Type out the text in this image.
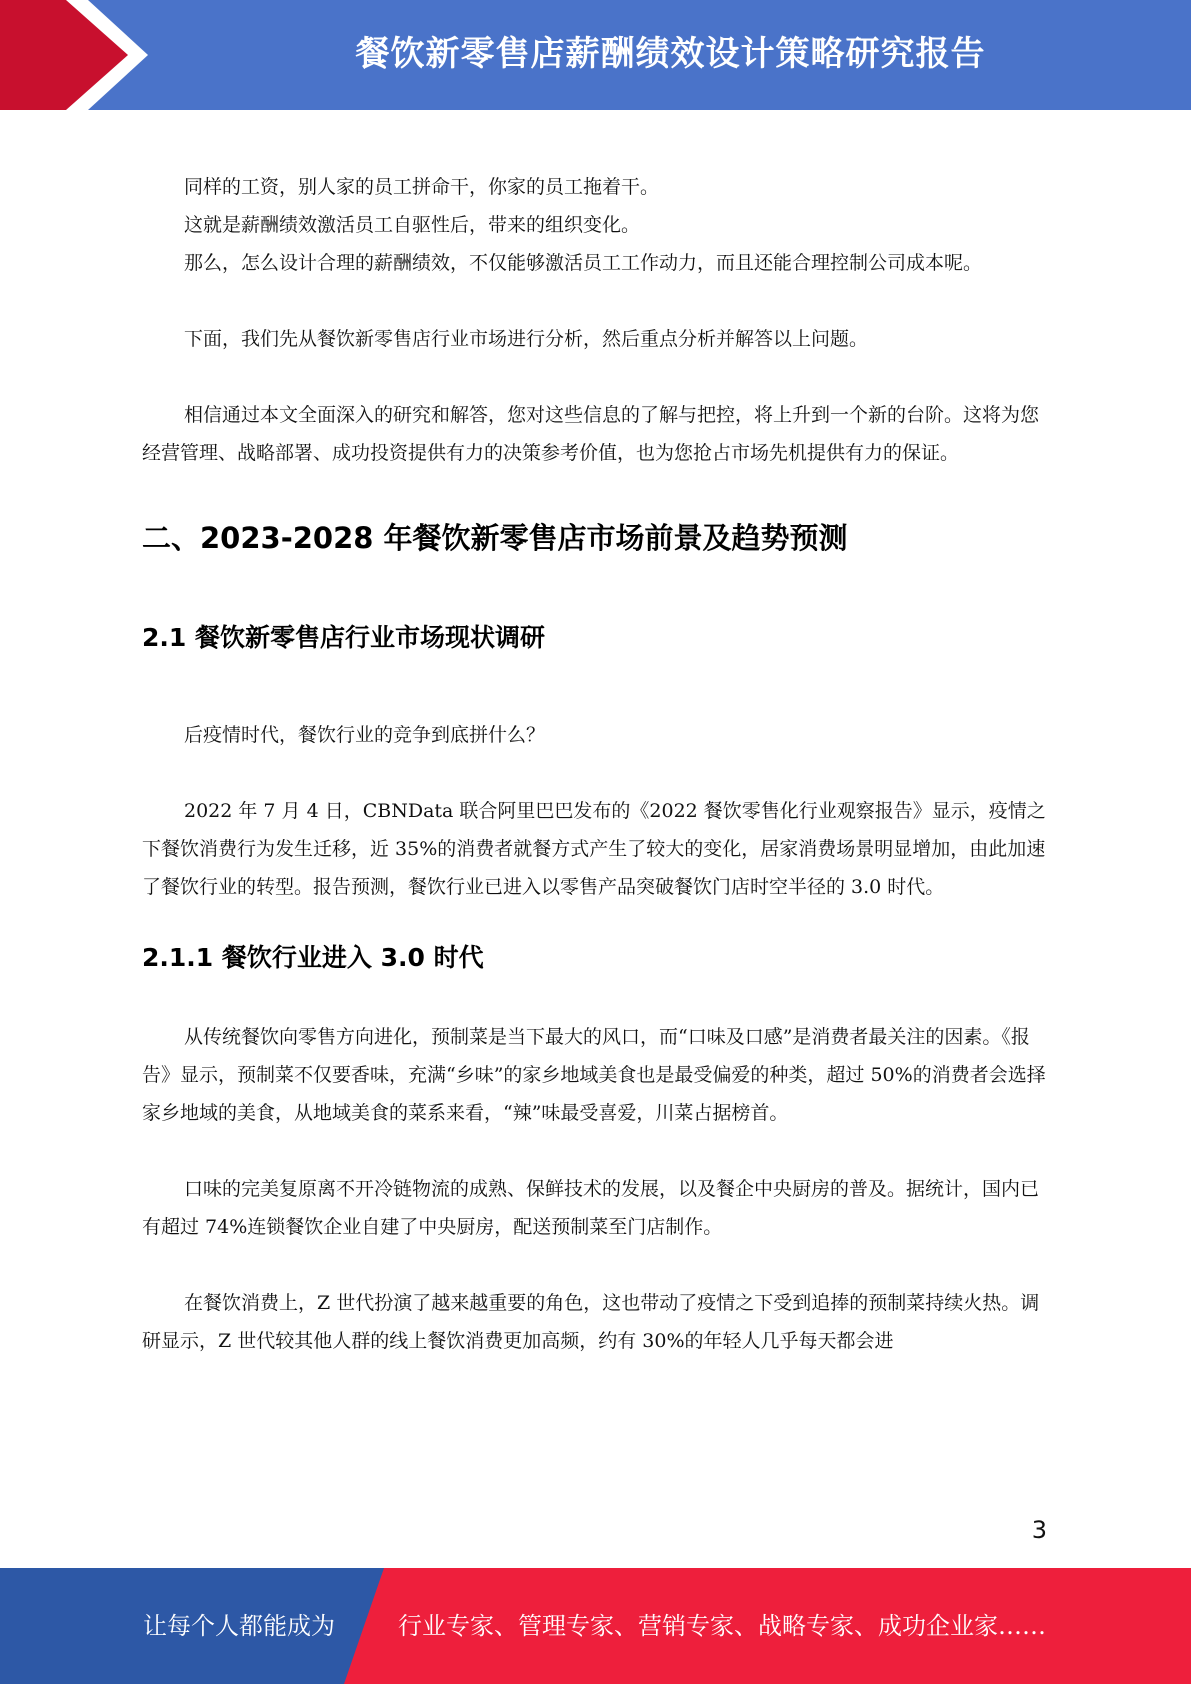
餐饮新零售店薪酬绩效设计策略研究报告

同样的工资，别人家的员工拼命干，你家的员工拖着干。

这就是薪酬绩效激活员工自驱性后，带来的组织变化。

那么，怎么设计合理的薪酬绩效，不仅能够激活员工工作动力，而且还能合理控制公司成本呢。

下面，我们先从餐饮新零售店行业市场进行分析，然后重点分析并解答以上问题。

相信通过本文全面深入的研究和解答，您对这些信息的了解与把控，将上升到一个新的台阶。这将为您经营管理、战略部署、成功投资提供有力的决策参考价值，也为您抢占市场先机提供有力的保证。

二、2023-2028 年餐饮新零售店市场前景及趋势预测
2.1 餐饮新零售店行业市场现状调研

后疫情时代，餐饮行业的竞争到底拼什么？

2022 年 7 月 4 日，CBNData 联合阿里巴巴发布的《2022 餐饮零售化行业观察报告》显示，疫情之下餐饮消费行为发生迁移，近 35%的消费者就餐方式产生了较大的变化，居家消费场景明显增加，由此加速了餐饮行业的转型。报告预测，餐饮行业已进入以零售产品突破餐饮门店时空半径的 3.0 时代。

2.1.1 餐饮行业进入 3.0 时代

从传统餐饮向零售方向进化，预制菜是当下最大的风口，而“口味及口感”是消费者最关注的因素。《报告》显示，预制菜不仅要香味，充满“乡味”的家乡地域美食也是最受偏爱的种类，超过 50%的消费者会选择家乡地域的美食，从地域美食的菜系来看，“辣”味最受喜爱，川菜占据榜首。

口味的完美复原离不开冷链物流的成熟、保鲜技术的发展，以及餐企中央厨房的普及。据统计，国内已有超过 74%连锁餐饮企业自建了中央厨房，配送预制菜至门店制作。

在餐饮消费上，Z 世代扮演了越来越重要的角色，这也带动了疫情之下受到追捧的预制菜持续火热。调研显示，Z 世代较其他人群的线上餐饮消费更加高频，约有 30%的年轻人几乎每天都会进

3
让每个人都能成为	行业专家、管理专家、营销专家、战略专家、成功企业家……
